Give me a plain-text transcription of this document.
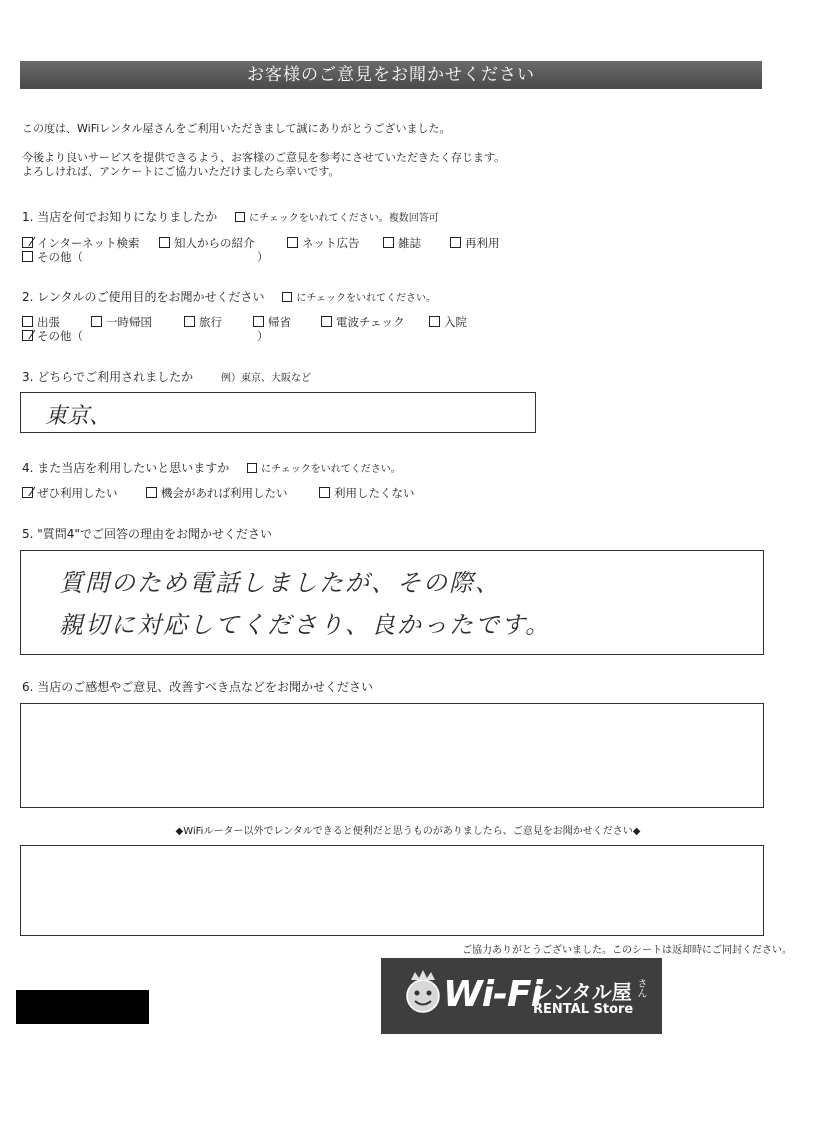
お客様のご意見をお聞かせください
この度は、WiFiレンタル屋さんをご利用いただきまして誠にありがとうございました。
今後より良いサービスを提供できるよう、お客様のご意見を参考にさせていただきたく存じます。
よろしければ、アンケートにご協力いただけましたら幸いです。
1. 当店を何でお知りになりましたか	にチェックをいれてください。複数回答可
インターネット検索	知人からの紹介	ネット広告	雑誌	再利用
その他（	）
2. レンタルのご使用目的をお聞かせください	にチェックをいれてください。
出張	一時帰国	旅行	帰省	電波チェック	入院
その他（	）
3. どちらでご利用されましたか	例）東京、大阪など
東京、
4. また当店を利用したいと思いますか	にチェックをいれてください。
ぜひ利用したい	機会があれば利用したい	利用したくない
5. "質問4"でご回答の理由をお聞かせください
質問のため電話しましたが、その際、
親切に対応してくださり、良かったです。
6. 当店のご感想やご意見、改善すべき点などをお聞かせください
◆WiFiルーター以外でレンタルできると便利だと思うものがありましたら、ご意見をお聞かせください◆
ご協力ありがとうございました。このシートは返却時にご同封ください。
Wi-Fi
レンタル屋 さん
RENTAL Store
